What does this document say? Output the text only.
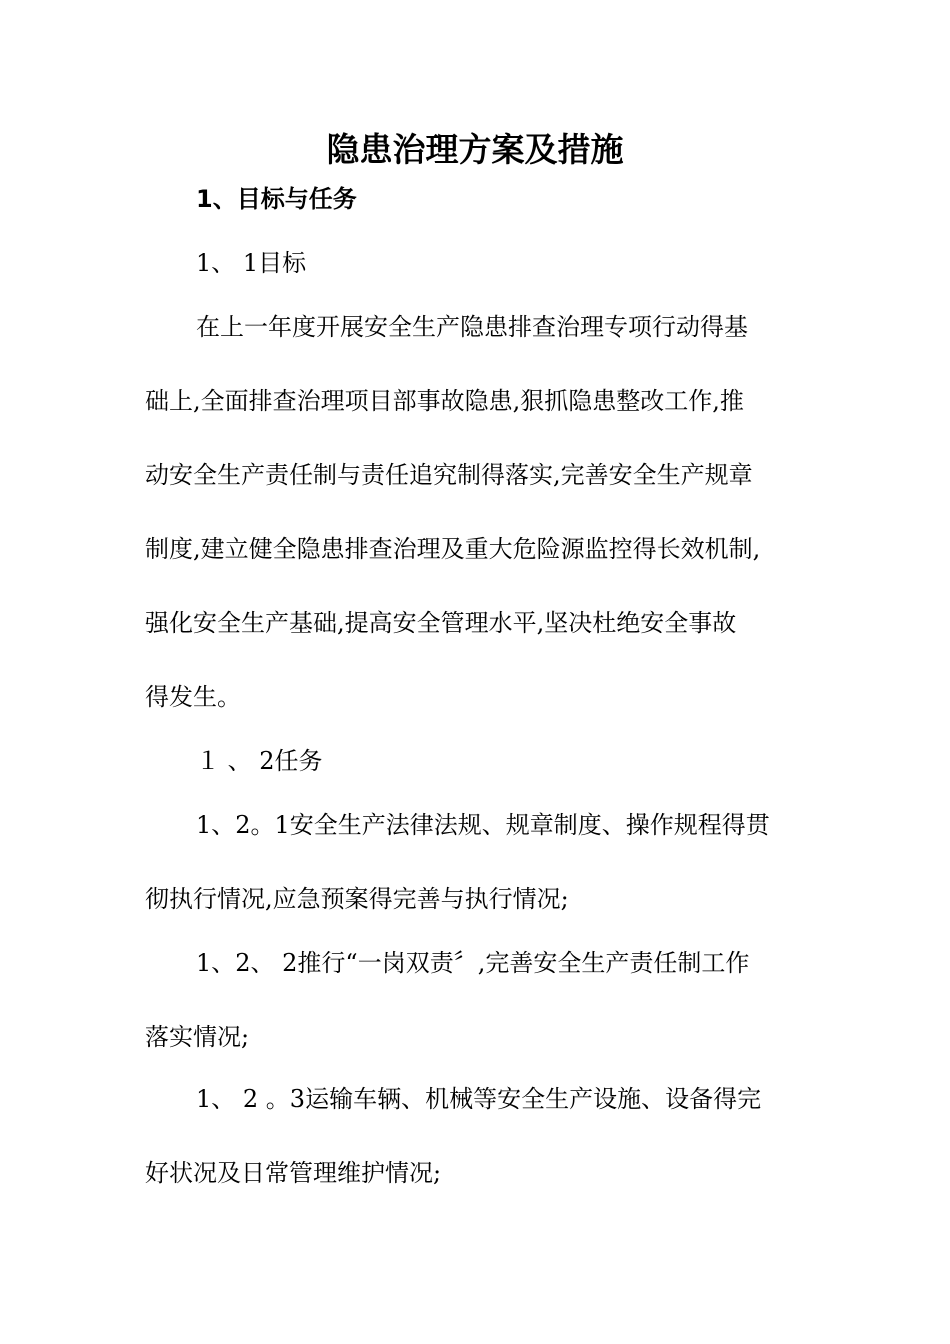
隐患治理方案及措施
1、目标与任务
1、 1目标
在上一年度开展安全生产隐患排查治理专项行动得基
础上,全面排查治理项目部事故隐患,狠抓隐患整改工作,推
动安全生产责任制与责任追究制得落实,完善安全生产规章
制度,建立健全隐患排查治理及重大危险源监控得长效机制,
强化安全生产基础,提高安全管理水平,坚决杜绝安全事故
得发生。
１ 、 2任务
1、2。1安全生产法律法规、规章制度、操作规程得贯
彻执行情况,应急预案得完善与执行情况;
1、2、 2推行“一岗双责〞,完善安全生产责任制工作
落实情况;
1、 2 。3运输车辆、机械等安全生产设施、设备得完
好状况及日常管理维护情况;
